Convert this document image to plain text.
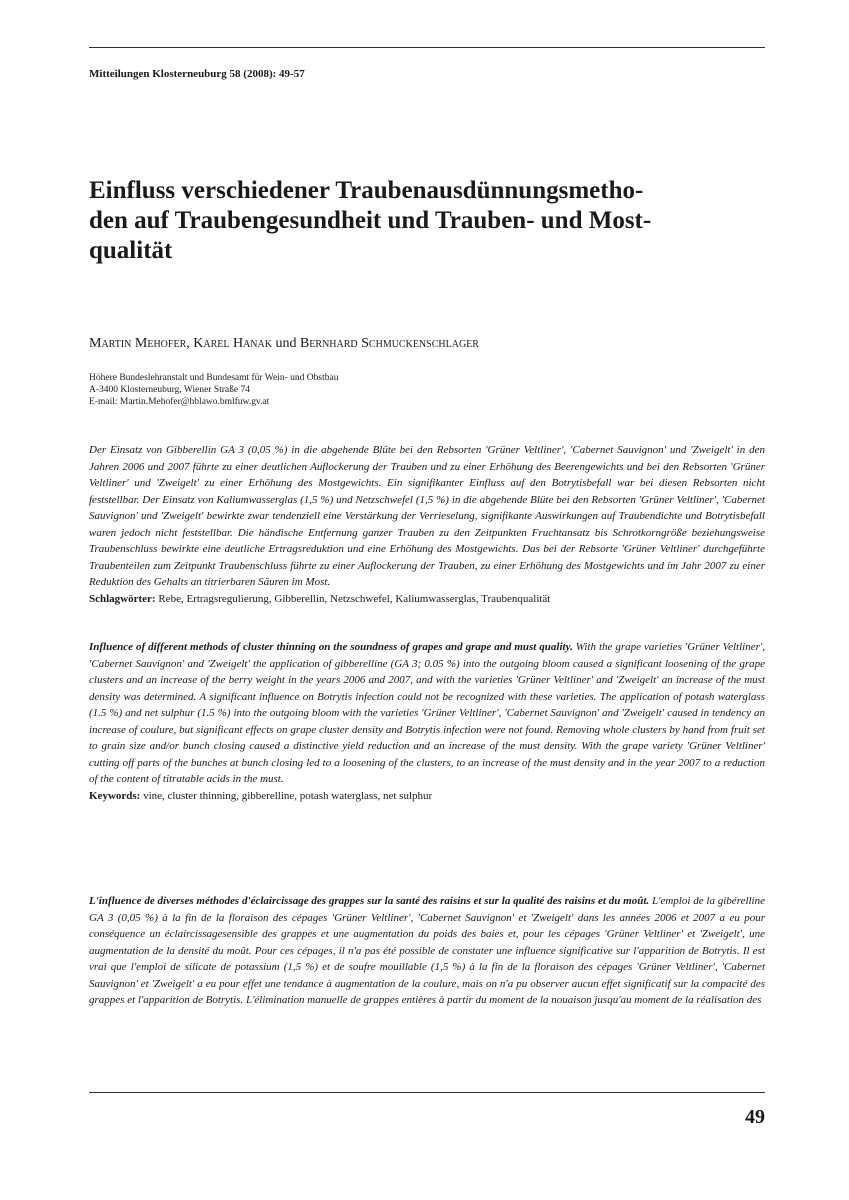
Mitteilungen Klosterneuburg 58 (2008): 49-57
Einfluss verschiedener Traubenausdünnungsmetho-
den auf Traubengesundheit und Trauben- und Most-
qualität
Martin Mehofer, Karel Hanak und Bernhard Schmuckenschlager
Höhere Bundeslehranstalt und Bundesamt für Wein- und Obstbau
A-3400 Klosterneuburg, Wiener Straße 74
E-mail: Martin.Mehofer@hblawo.bmlfuw.gv.at
Der Einsatz von Gibberellin GA 3 (0,05 %) in die abgehende Blüte bei den Rebsorten 'Grüner Veltliner', 'Cabernet Sauvignon' und 'Zweigelt' in den Jahren 2006 und 2007 führte zu einer deutlichen Auflockerung der Trauben und zu einer Erhöhung des Beerengewichts und bei den Rebsorten 'Grüner Veltliner' und 'Zweigelt' zu einer Erhöhung des Mostgewichts. Ein signifikanter Einfluss auf den Botrytisbefall war bei diesen Rebsorten nicht feststellbar. Der Einsatz von Kaliumwasserglas (1,5 %) und Netzschwefel (1,5 %) in die abgehende Blüte bei den Rebsorten 'Grüner Veltliner', 'Cabernet Sauvignon' und 'Zweigelt' bewirkte zwar tendenziell eine Verstärkung der Verrieselung, signifikante Auswirkungen auf Traubendichte und Botrytisbefall waren jedoch nicht feststellbar. Die händische Entfernung ganzer Trauben zu den Zeitpunkten Fruchtansatz bis Schrotkorngröße beziehungsweise Traubenschluss bewirkte eine deutliche Ertragsreduktion und eine Erhöhung des Mostgewichts. Das bei der Rebsorte 'Grüner Veltliner' durchgeführte Traubenteilen zum Zeitpunkt Traubenschluss führte zu einer Auflockerung der Trauben, zu einer Erhöhung des Mostgewichts und im Jahr 2007 zu einer Reduktion des Gehalts an titrierbaren Säuren im Most.
Schlagwörter: Rebe, Ertragsregulierung, Gibberellin, Netzschwefel, Kaliumwasserglas, Traubenqualität
Influence of different methods of cluster thinning on the soundness of grapes and grape and must quality. With the grape varieties 'Grüner Veltliner', 'Cabernet Sauvignon' and 'Zweigelt' the application of gibberelline (GA 3; 0.05 %) into the outgoing bloom caused a significant loosening of the grape clusters and an increase of the berry weight in the years 2006 and 2007, and with the varieties 'Grüner Veltliner' and 'Zweigelt' an increase of the must density was determined. A significant influence on Botrytis infection could not be recognized with these varieties. The application of potash waterglass (1.5 %) and net sulphur (1.5 %) into the outgoing bloom with the varieties 'Grüner Veltliner', 'Cabernet Sauvignon' and 'Zweigelt' caused in tendency an increase of coulure, but significant effects on grape cluster density and Botrytis infection were not found. Removing whole clusters by hand from fruit set to grain size and/or bunch closing caused a distinctive yield reduction and an increase of the must density. With the grape variety 'Grüner Veltliner' cutting off parts of the bunches at bunch closing led to a loosening of the clusters, to an increase of the must density and in the year 2007 to a reduction of the content of titratable acids in the must.
Keywords: vine, cluster thinning, gibberelline, potash waterglass, net sulphur
L'influence de diverses méthodes d'éclaircissage des grappes sur la santé des raisins et sur la qualité des raisins et du moût. L'emploi de la gibérelline GA 3 (0,05 %) à la fin de la floraison des cépages 'Grüner Veltliner', 'Cabernet Sauvignon' et 'Zweigelt' dans les années 2006 et 2007 a eu pour conséquence un éclaircissagesensible des grappes et une augmentation du poids des baies et, pour les cépages 'Grüner Veltliner' et 'Zweigelt', une augmentation de la densité du moût. Pour ces cépages, il n'a pas été possible de constater une influence significative sur l'apparition de Botrytis. Il est vrai que l'emploi de silicate de potassium (1,5 %) et de soufre mouillable (1,5 %) à la fin de la floraison des cépages 'Grüner Veltliner', 'Cabernet Sauvignon' et 'Zweigelt' a eu pour effet une tendance à augmentation de la coulure, mais on n'a pu observer aucun effet significatif sur la compacité des grappes et l'apparition de Botrytis. L'élimination manuelle de grappes entières à partir du moment de la nouaison jusqu'au moment de la réalisation des
49
